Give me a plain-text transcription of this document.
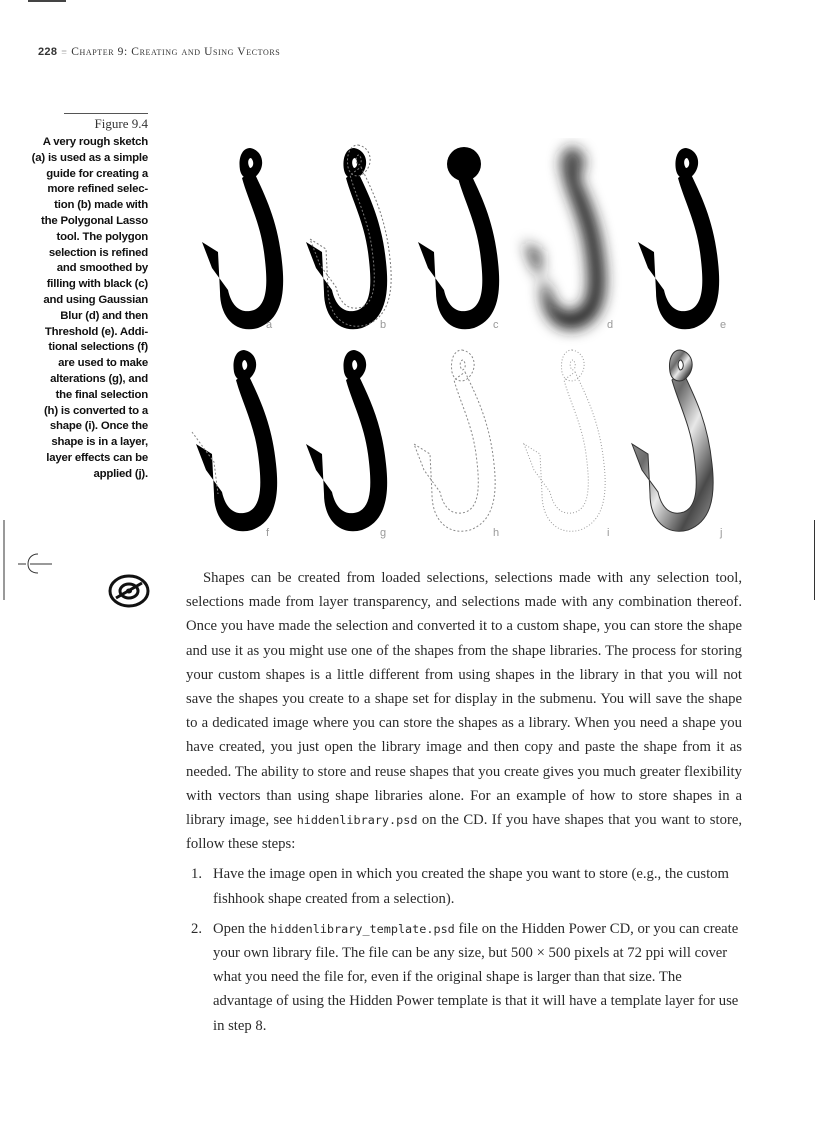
228 ≡ Chapter 9: Creating and Using Vectors
Figure 9.4
A very rough sketch
(a) is used as a simple
guide for creating a
more refined selec-
tion (b) made with
the Polygonal Lasso
tool. The polygon
selection is refined
and smoothed by
filling with black (c)
and using Gaussian
Blur (d) and then
Threshold (e). Addi-
tional selections (f)
are used to make
alterations (g), and
the final selection
(h) is converted to a
shape (i). Once the
shape is in a layer,
layer effects can be
applied (j).
a	b	c	d	e
f	g	h	i	j

Shapes can be created from loaded selections, selections made with any selection tool, selections made from layer transparency, and selections made with any combination thereof. Once you have made the selection and converted it to a custom shape, you can store the shape and use it as you might use one of the shapes from the shape libraries. The process for storing your custom shapes is a little different from using shapes in the library in that you will not save the shapes you create to a shape set for display in the submenu. You will save the shape to a dedicated image where you can store the shapes as a library. When you need a shape you have created, you just open the library image and then copy and paste the shape from it as needed. The ability to store and reuse shapes that you create gives you much greater flexibility with vectors than using shape libraries alone. For an example of how to store shapes in a library image, see hiddenlibrary.psd on the CD. If you have shapes that you want to store, follow these steps:

1. Have the image open in which you created the shape you want to store (e.g., the custom fishhook shape created from a selection).
2. Open the hiddenlibrary_template.psd file on the Hidden Power CD, or you can create your own library file. The file can be any size, but 500 × 500 pixels at 72 ppi will cover what you need the file for, even if the original shape is larger than that size. The advantage of using the Hidden Power template is that it will have a template layer for use in step 8.
